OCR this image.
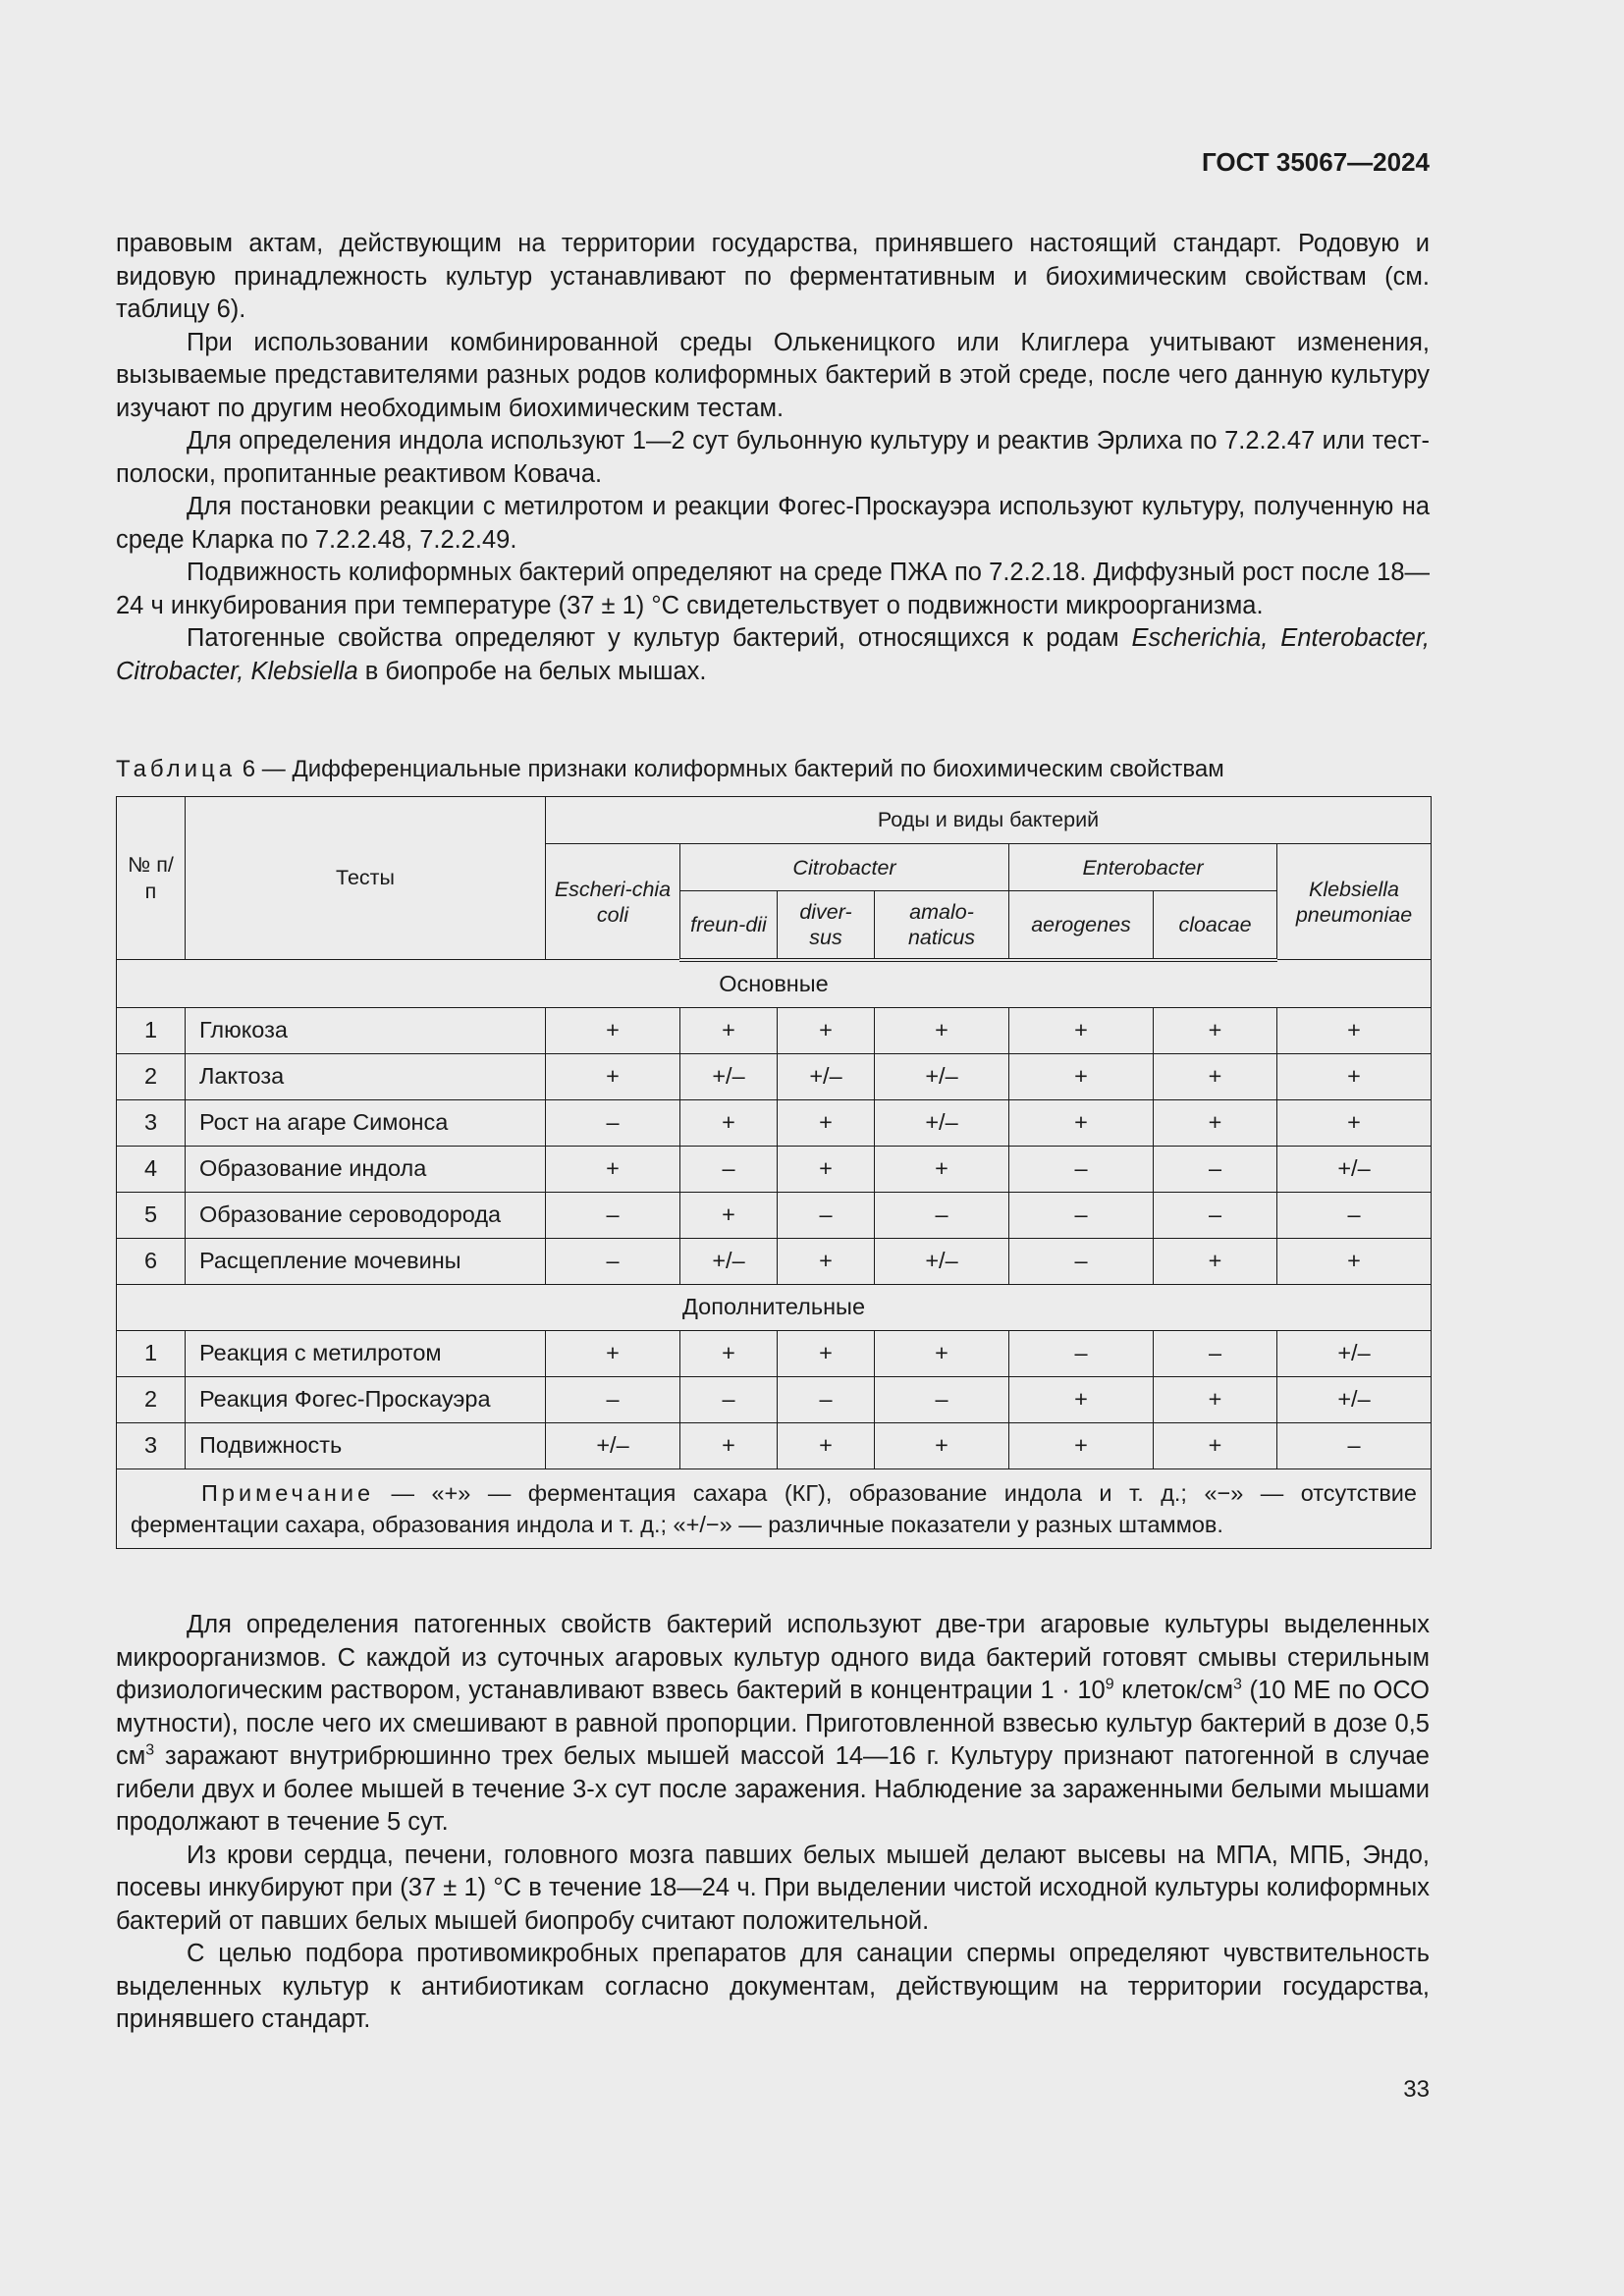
ГОСТ 35067—2024

правовым актам, действующим на территории государства, принявшего настоящий стандарт. Родовую и видовую принадлежность культур устанавливают по ферментативным и биохимическим свойствам (см. таблицу 6).

При использовании комбинированной среды Олькеницкого или Клиглера учитывают изменения, вызываемые представителями разных родов колиформных бактерий в этой среде, после чего данную культуру изучают по другим необходимым биохимическим тестам.

Для определения индола используют 1—2 сут бульонную культуру и реактив Эрлиха по 7.2.2.47 или тест-полоски, пропитанные реактивом Ковача.

Для постановки реакции с метилротом и реакции Фогес-Проскауэра используют культуру, полученную на среде Кларка по 7.2.2.48, 7.2.2.49.

Подвижность колиформных бактерий определяют на среде ПЖА по 7.2.2.18. Диффузный рост после 18—24 ч инкубирования при температуре (37 ± 1) °С свидетельствует о подвижности микроорганизма.

Патогенные свойства определяют у культур бактерий, относящихся к родам Escherichia, Enterobacter, Citrobacter, Klebsiella в биопробе на белых мышах.

Таблица 6 — Дифференциальные признаки колиформных бактерий по биохимическим свойствам
№ п/п	Тесты	Роды и виды бактерий						
		Escheri-chia coli	Citrobacter			Enterobacter		Klebsiella pneumoniae
			freun-dii	diver-sus	amalo-naticus	aerogenes	cloacae	
Основные								
1	Глюкоза	+	+	+	+	+	+	+
2	Лактоза	+	+/–	+/–	+/–	+	+	+
3	Рост на агаре Симонса	–	+	+	+/–	+	+	+
4	Образование индола	+	–	+	+	–	–	+/–
5	Образование сероводорода	–	+	–	–	–	–	–
6	Расщепление мочевины	–	+/–	+	+/–	–	+	+
Дополнительные								
1	Реакция с метилротом	+	+	+	+	–	–	+/–
2	Реакция Фогес-Проскауэра	–	–	–	–	+	+	+/–
3	Подвижность	+/–	+	+	+	+	+	–
Примечание — «+» — ферментация сахара (КГ), образование индола и т. д.; «−» — отсутствие ферментации сахара, образования индола и т. д.; «+/−» — различные показатели у разных штаммов.								

Для определения патогенных свойств бактерий используют две-три агаровые культуры выделенных микроорганизмов. С каждой из суточных агаровых культур одного вида бактерий готовят смывы стерильным физиологическим раствором, устанавливают взвесь бактерий в концентрации $1 \cdot 10^9$ клеток/$см^3$ (10 МЕ по ОСО мутности), после чего их смешивают в равной пропорции. Приготовленной взвесью культур бактерий в дозе 0,5 $см^3$ заражают внутрибрюшинно трех белых мышей массой 14—16 г. Культуру признают патогенной в случае гибели двух и более мышей в течение 3-х сут после заражения. Наблюдение за зараженными белыми мышами продолжают в течение 5 сут.

Из крови сердца, печени, головного мозга павших белых мышей делают высевы на МПА, МПБ, Эндо, посевы инкубируют при (37 ± 1) °С в течение 18—24 ч. При выделении чистой исходной культуры колиформных бактерий от павших белых мышей биопробу считают положительной.

С целью подбора противомикробных препаратов для санации спермы определяют чувствительность выделенных культур к антибиотикам согласно документам, действующим на территории государства, принявшего стандарт.

33
